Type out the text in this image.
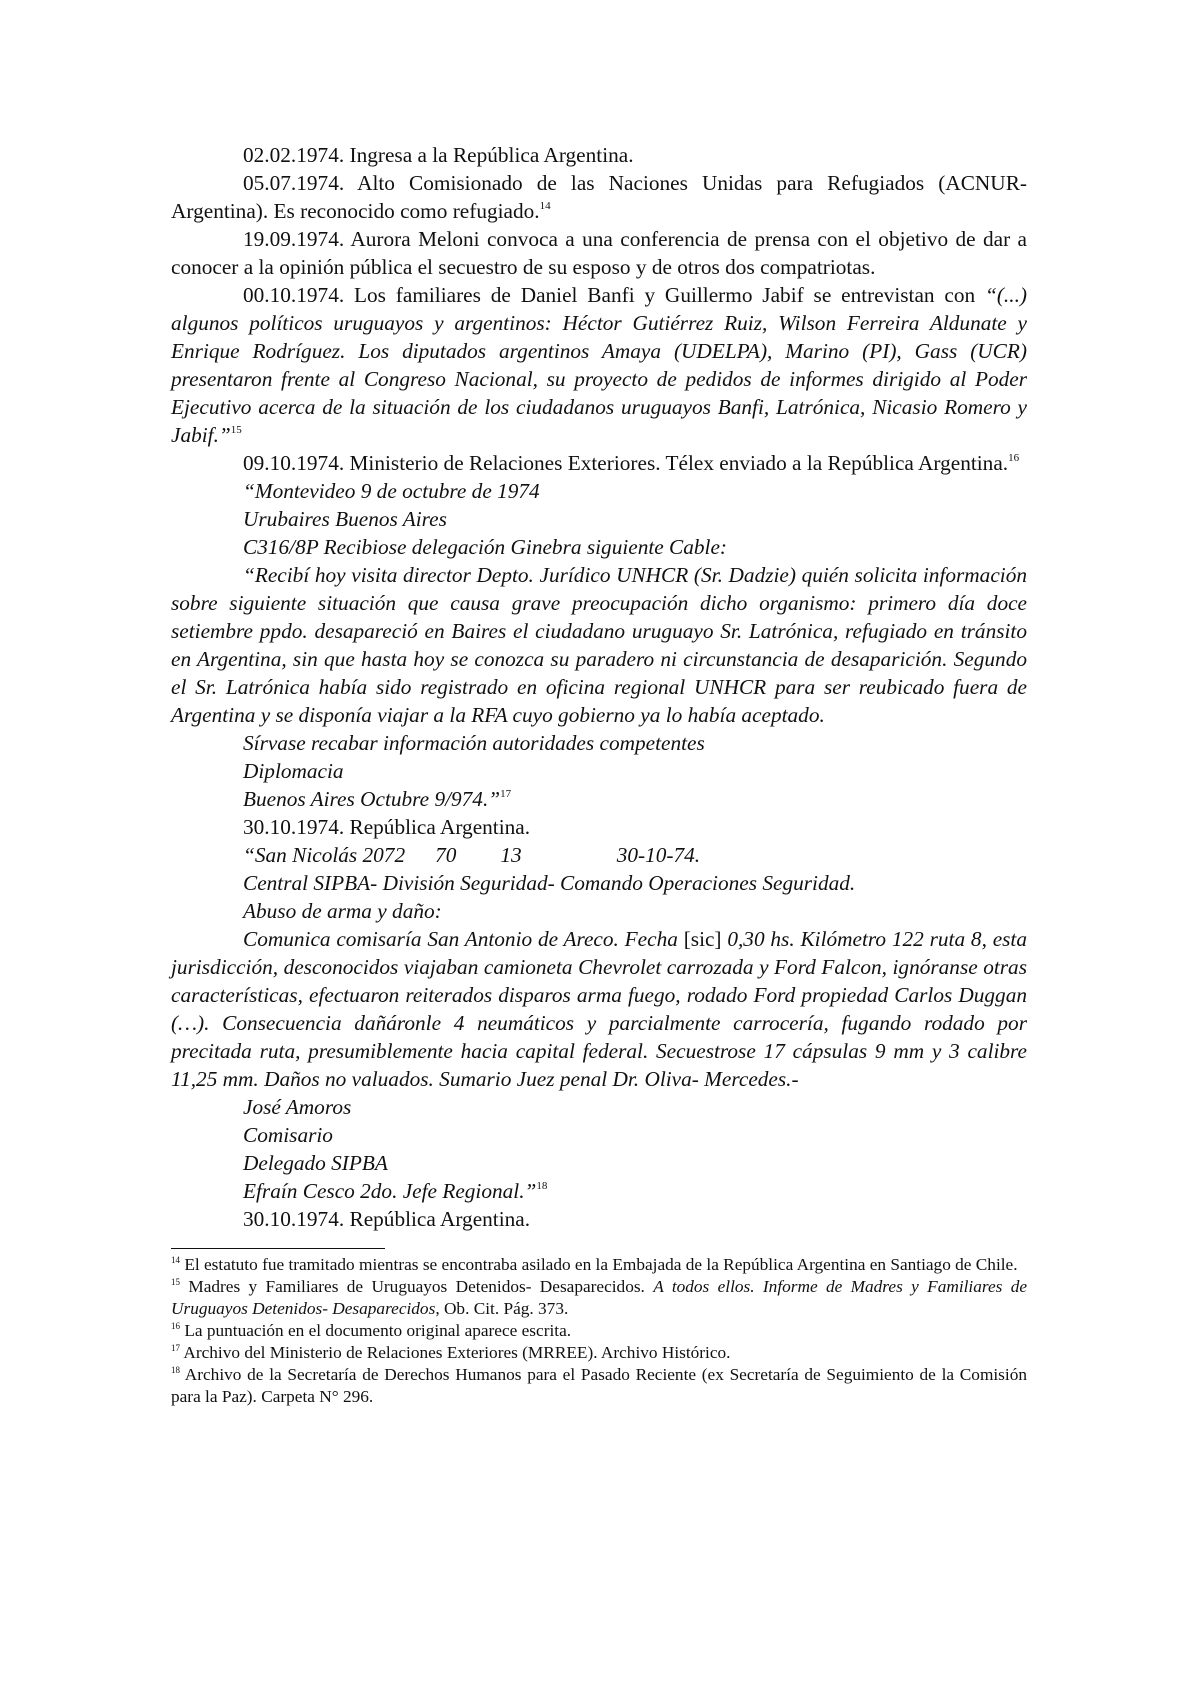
02.02.1974. Ingresa a la República Argentina.

05.07.1974. Alto Comisionado de las Naciones Unidas para Refugiados (ACNUR-Argentina). Es reconocido como refugiado.$^{14}$

19.09.1974. Aurora Meloni convoca a una conferencia de prensa con el objetivo de dar a conocer a la opinión pública el secuestro de su esposo y de otros dos compatriotas.

00.10.1974. Los familiares de Daniel Banfi y Guillermo Jabif se entrevistan con “(...) algunos políticos uruguayos y argentinos: Héctor Gutiérrez Ruiz, Wilson Ferreira Aldunate y Enrique Rodríguez. Los diputados argentinos Amaya (UDELPA), Marino (PI), Gass (UCR) presentaron frente al Congreso Nacional, su proyecto de pedidos de informes dirigido al Poder Ejecutivo acerca de la situación de los ciudadanos uruguayos Banfi, Latrónica, Nicasio Romero y Jabif.”$^{15}$

09.10.1974. Ministerio de Relaciones Exteriores. Télex enviado a la República Argentina.$^{16}$

“Montevideo 9 de octubre de 1974

Urubaires Buenos Aires

C316/8P Recibiose delegación Ginebra siguiente Cable:

“Recibí hoy visita director Depto. Jurídico UNHCR (Sr. Dadzie) quién solicita información sobre siguiente situación que causa grave preocupación dicho organismo: primero día doce setiembre ppdo. desapareció en Baires el ciudadano uruguayo Sr. Latrónica, refugiado en tránsito en Argentina, sin que hasta hoy se conozca su paradero ni circunstancia de desaparición. Segundo el Sr. Latrónica había sido registrado en oficina regional UNHCR para ser reubicado fuera de Argentina y se disponía viajar a la RFA cuyo gobierno ya lo había aceptado.

Sírvase recabar información autoridades competentes

Diplomacia

Buenos Aires Octubre 9/974.”$^{17}$

30.10.1974. República Argentina.

“San Nicolás 2072 70 13	30-10-74.

Central SIPBA- División Seguridad- Comando Operaciones Seguridad.

Abuso de arma y daño:

Comunica comisaría San Antonio de Areco. Fecha [sic] 0,30 hs. Kilómetro 122 ruta 8, esta jurisdicción, desconocidos viajaban camioneta Chevrolet carrozada y Ford Falcon, ignóranse otras características, efectuaron reiterados disparos arma fuego, rodado Ford propiedad Carlos Duggan (…). Consecuencia dañáronle 4 neumáticos y parcialmente carrocería, fugando rodado por precitada ruta, presumiblemente hacia capital federal. Secuestrose 17 cápsulas 9 mm y 3 calibre 11,25 mm. Daños no valuados. Sumario Juez penal Dr. Oliva- Mercedes.-

José Amoros

Comisario

Delegado SIPBA

Efraín Cesco 2do. Jefe Regional.”$^{18}$

30.10.1974. República Argentina.

$^{14}$ El estatuto fue tramitado mientras se encontraba asilado en la Embajada de la República Argentina en Santiago de Chile.

$^{15}$ Madres y Familiares de Uruguayos Detenidos- Desaparecidos. A todos ellos. Informe de Madres y Familiares de Uruguayos Detenidos- Desaparecidos, Ob. Cit. Pág. 373.

$^{16}$ La puntuación en el documento original aparece escrita.

$^{17}$ Archivo del Ministerio de Relaciones Exteriores (MRREE). Archivo Histórico.

$^{18}$ Archivo de la Secretaría de Derechos Humanos para el Pasado Reciente (ex Secretaría de Seguimiento de la Comisión para la Paz). Carpeta N° 296.
